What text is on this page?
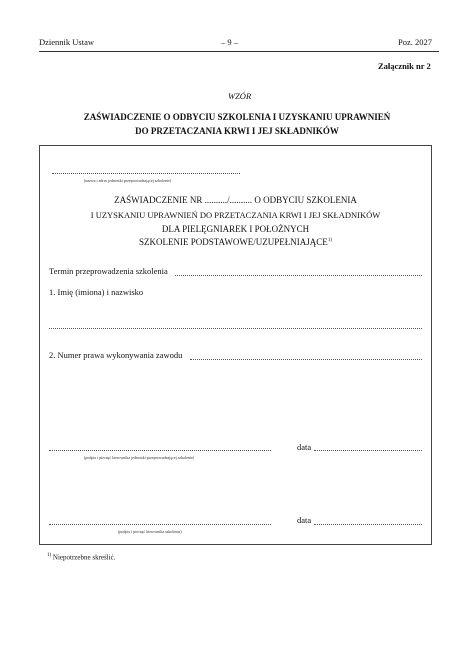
Dziennik Ustaw	– 9 –	Poz. 2027
Załącznik nr 2
WZÓR
ZAŚWIADCZENIE O ODBYCIU SZKOLENIA I UZYSKANIU UPRAWNIEŃ
DO PRZETACZANIA KRWI I JEJ SKŁADNIKÓW
(nazwa i adres jednostki przeprowadzającej szkolenie)
ZAŚWIADCZENIE NR ........../.......... O ODBYCIU SZKOLENIA
I UZYSKANIU UPRAWNIEŃ DO PRZETACZANIA KRWI I JEJ SKŁADNIKÓW
DLA PIELĘGNIAREK I POŁOŻNYCH
SZKOLENIE PODSTAWOWE/UZUPEŁNIAJĄCE$^{1)}$
Termin przeprowadzenia szkolenia
1. Imię (imiona) i nazwisko
2. Numer prawa wykonywania zawodu
data
(podpis i pieczęć kierownika jednostki przeprowadzającej szkolenie)
data
(podpis i pieczęć kierownika szkolenia)
$^{1)}$ Niepotrzebne skreślić.
